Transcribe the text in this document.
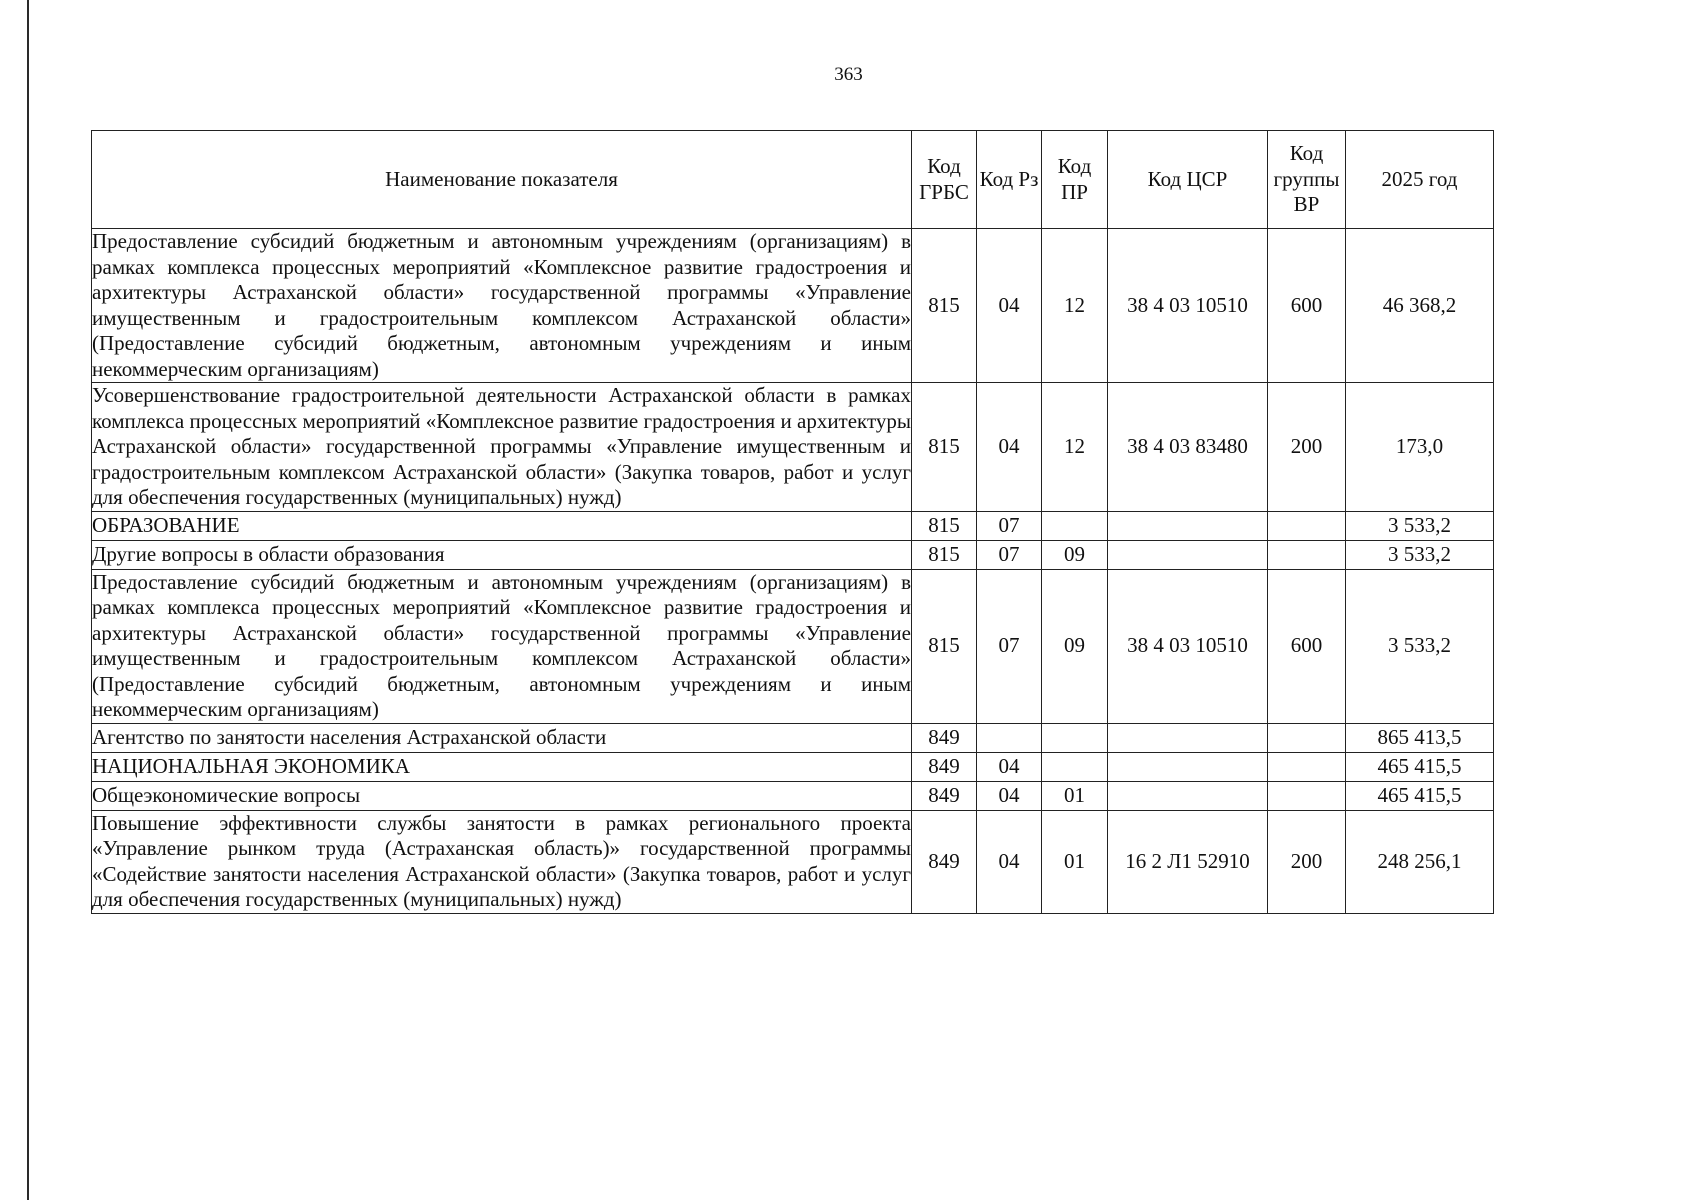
363
Наименование показателя	Код ГРБС	Код Рз	Код ПР	Код ЦСР	Код группы ВР	2025 год
Предоставление субсидий бюджетным и автономным учреждениям (организациям) в рамках комплекса процессных мероприятий «Комплексное развитие градостроения и архитектуры Астраханской области» государственной программы «Управление имущественным и градостроительным комплексом Астраханской области» (Предоставление субсидий бюджетным, автономным учреждениям и иным некоммерческим организациям)	815	04	12	38 4 03 10510	600	46 368,2
Усовершенствование градостроительной деятельности Астраханской области в рамках комплекса процессных мероприятий «Комплексное развитие градостроения и архитектуры Астраханской области» государственной программы «Управление имущественным и градостроительным комплексом Астраханской области» (Закупка товаров, работ и услуг для обеспечения государственных (муниципальных) нужд)	815	04	12	38 4 03 83480	200	173,0
ОБРАЗОВАНИЕ	815	07				3 533,2
Другие вопросы в области образования	815	07	09			3 533,2
Предоставление субсидий бюджетным и автономным учреждениям (организациям) в рамках комплекса процессных мероприятий «Комплексное развитие градостроения и архитектуры Астраханской области» государственной программы «Управление имущественным и градостроительным комплексом Астраханской области» (Предоставление субсидий бюджетным, автономным учреждениям и иным некоммерческим организациям)	815	07	09	38 4 03 10510	600	3 533,2
Агентство по занятости населения Астраханской области	849					865 413,5
НАЦИОНАЛЬНАЯ ЭКОНОМИКА	849	04				465 415,5
Общеэкономические вопросы	849	04	01			465 415,5
Повышение эффективности службы занятости в рамках регионального проекта «Управление рынком труда (Астраханская область)» государственной программы «Содействие занятости населения Астраханской области» (Закупка товаров, работ и услуг для обеспечения государственных (муниципальных) нужд)	849	04	01	16 2 Л1 52910	200	248 256,1
